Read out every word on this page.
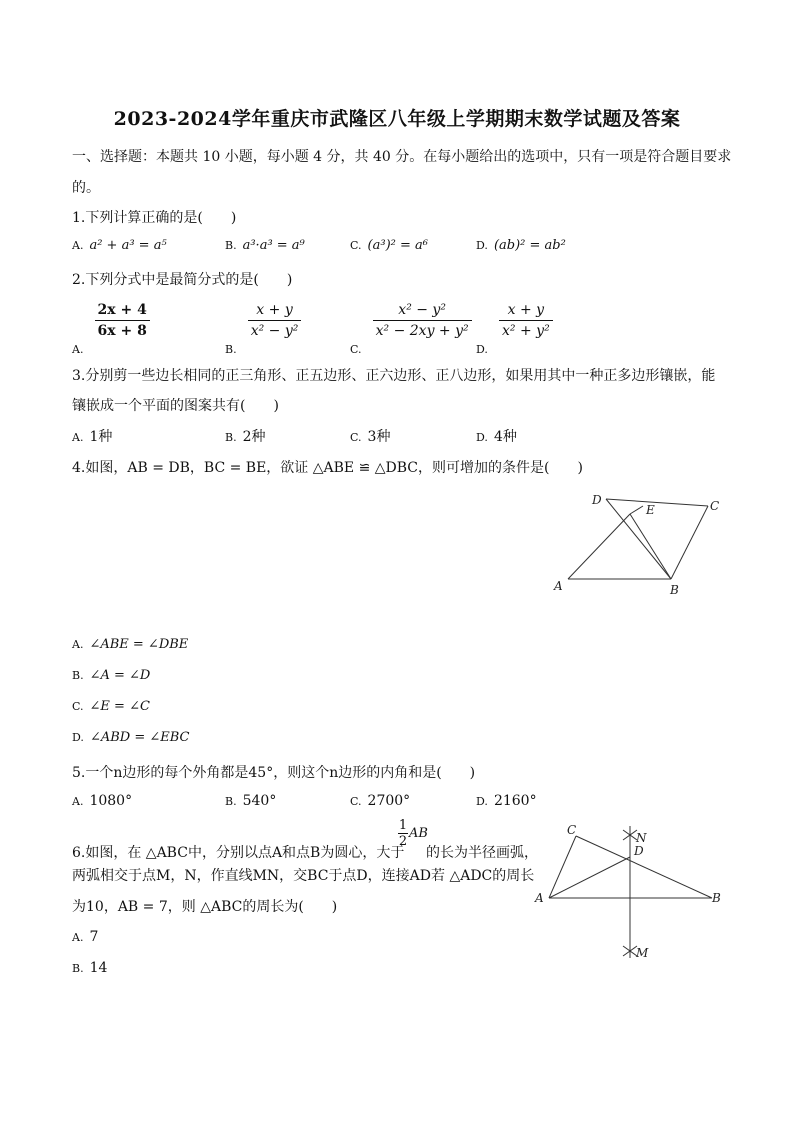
2023-2024学年重庆市武隆区八年级上学期期末数学试题及答案
一、选择题：本题共 10 小题，每小题 4 分，共 40 分。在每小题给出的选项中，只有一项是符合题目要求
的。
1.下列计算正确的是(　　)
A. a² + a³ = a⁵	B. a³·a³ = a⁹	C. (a³)² = a⁶	D. (ab)² = ab²
2.下列分式中是最简分式的是(　　)
$_{A.}$
$\frac{2x + 4}{6x + 8}$
$_{B.}$
$\frac{x + y}{\text{x² − y²}}$
$_{C.}$
$\frac{\text{x² − y²}}{\text{x² − 2xy + y²}}$
$_{D.}$
$\frac{x + y}{\text{x² + y²}}$
3.分别剪一些边长相同的正三角形、正五边形、正六边形、正八边形，如果用其中一种正多边形镶嵌，能
镶嵌成一个平面的图案共有(　　)
A. 1种	B. 2种	C. 3种	D. 4种
4.如图，AB = DB，BC = BE，欲证 △ABE ≌ △DBC，则可增加的条件是(　　)
D
E	C
A	B
A. ∠ABE = ∠DBE
B. ∠A = ∠D
C. ∠E = ∠C
D. ∠ABD = ∠EBC
5.一个n边形的每个外角都是45°，则这个n边形的内角和是(　　)
A. 1080°	B. 540°	C. 2700°	D. 2160°
6.如图，在 △ABC中，分别以点A和点B为圆心，大于
1
2
AB
的长为半径画弧，
两弧相交于点M，N，作直线MN，交BC于点D，连接AD若 △ADC的周长
为10，AB = 7，则 △ABC的周长为(　　)
C
N
D
A	B
M
A. 7
B. 14
